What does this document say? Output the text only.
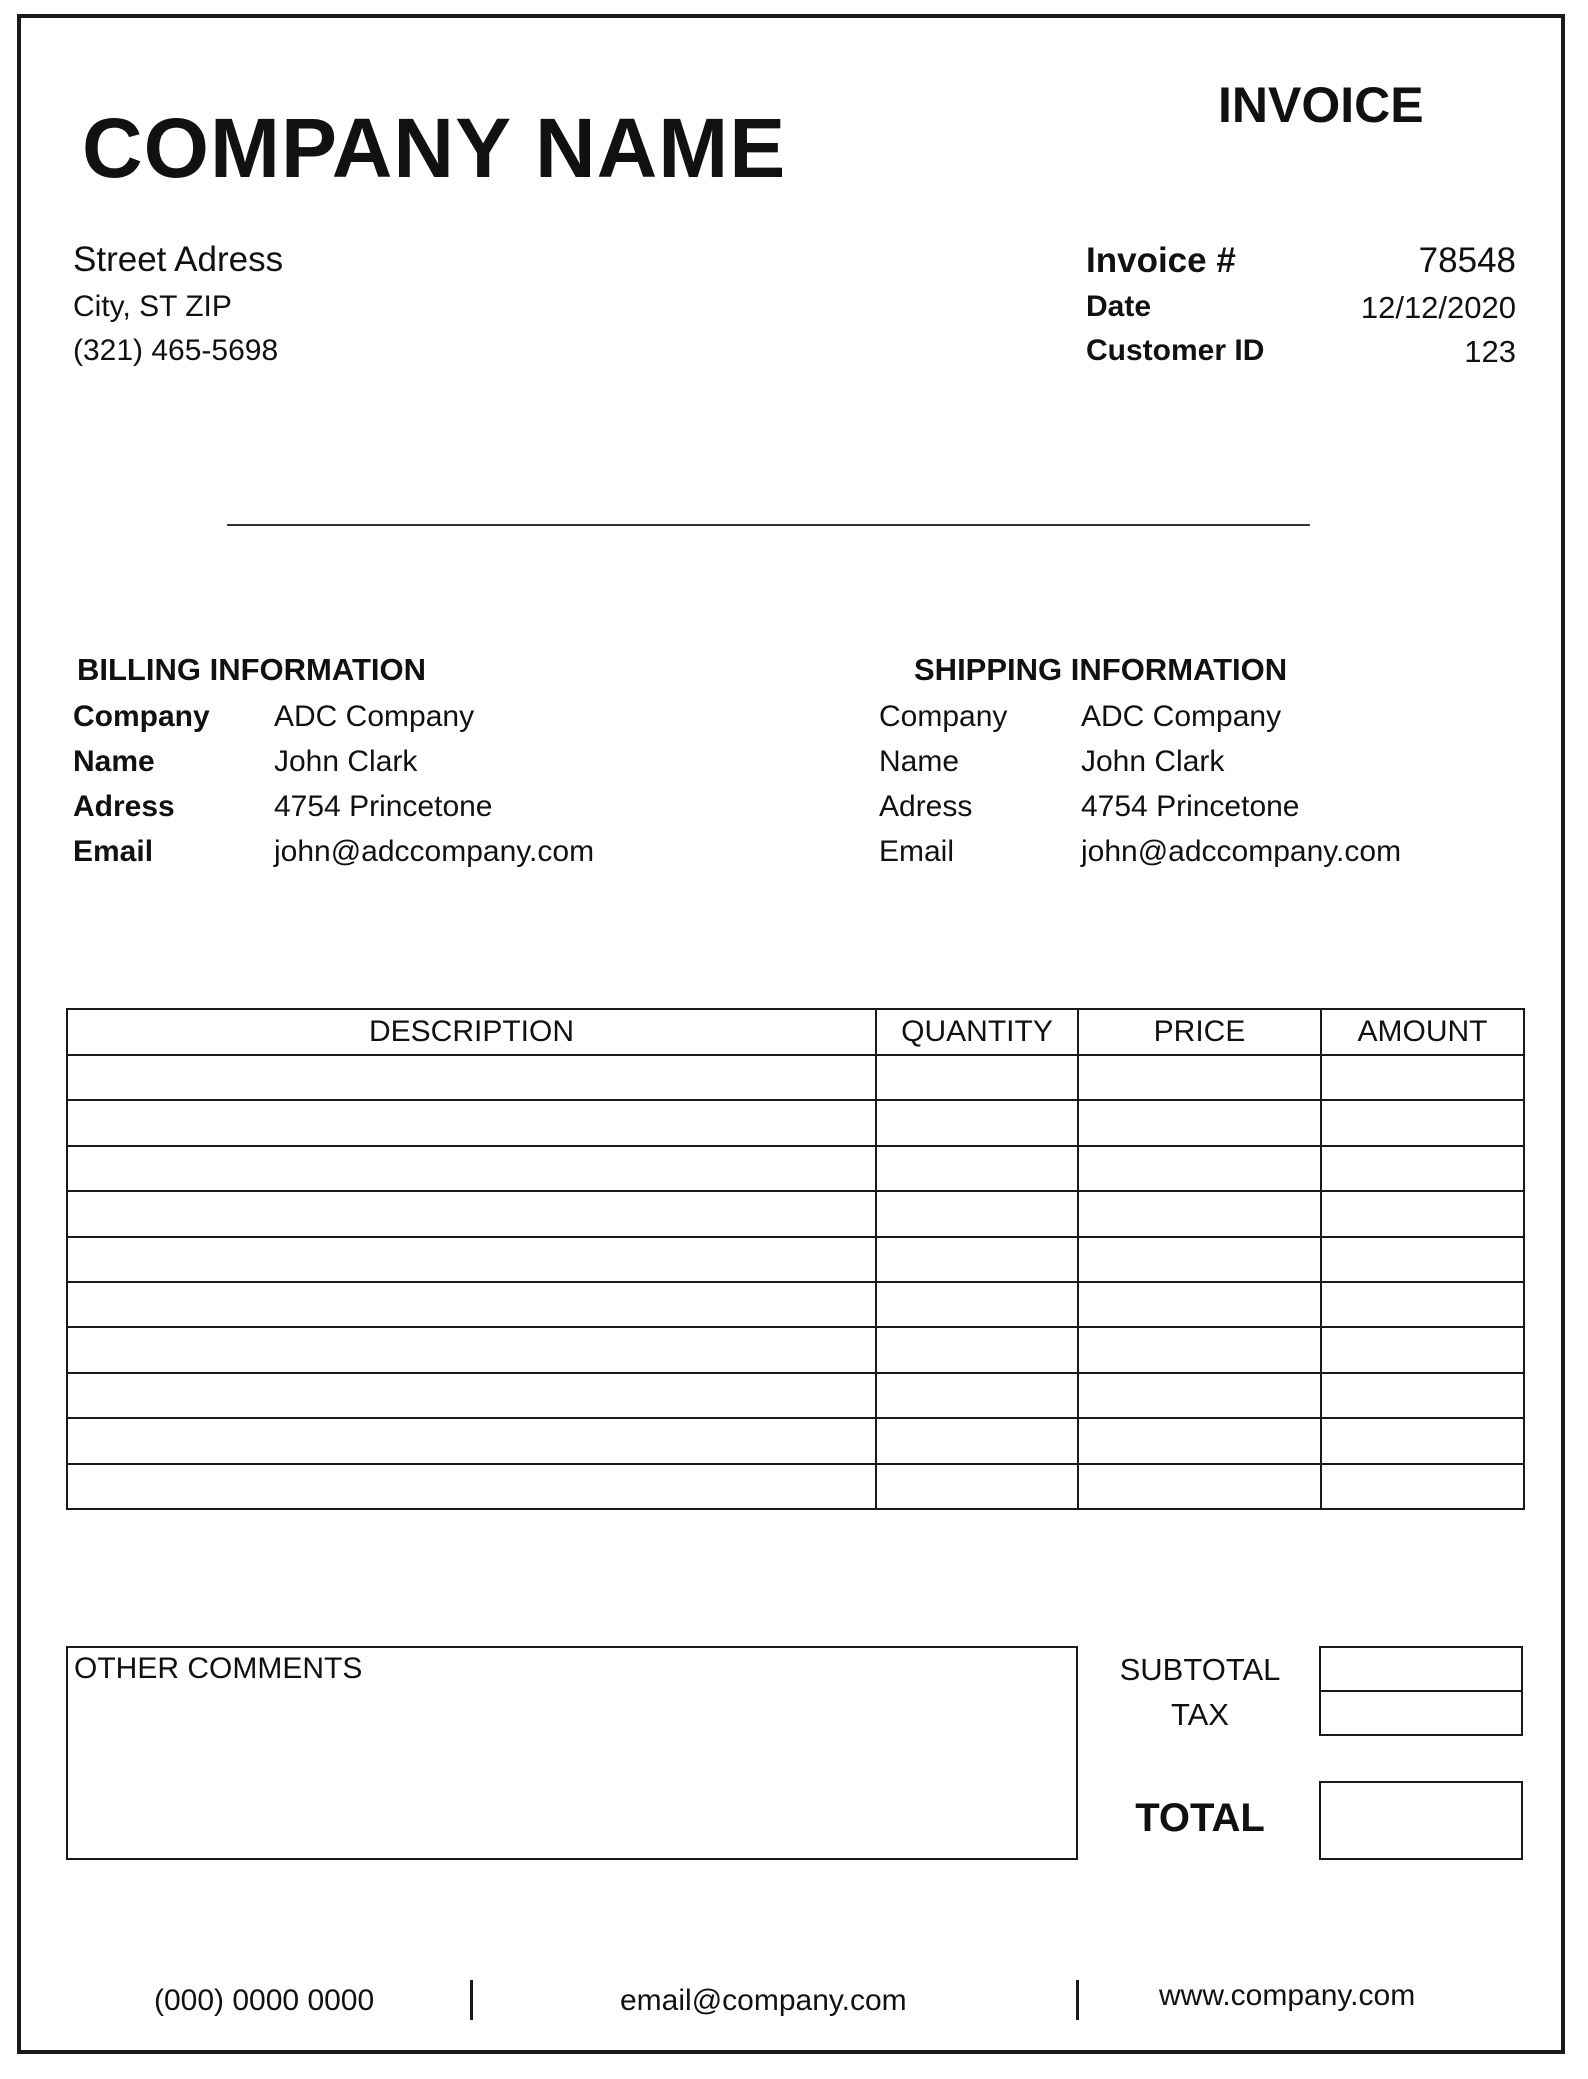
COMPANY NAME	INVOICE
Street Adress
City, ST ZIP
(321) 465-5698
Invoice #	78548
Date	12/12/2020
Customer ID	123
BILLING INFORMATION
Company ADC Company
Name	John Clark
Adress	4754 Princetone
Email	john@adccompany.com
SHIPPING INFORMATION
Company ADC Company
Name	John Clark
Adress	4754 Princetone
Email	john@adccompany.com
DESCRIPTION	QUANTITY	PRICE	AMOUNT

OTHER COMMENTS	SUBTOTAL
TAX
TOTAL
(000) 0000 0000	email@company.com	www.company.com
